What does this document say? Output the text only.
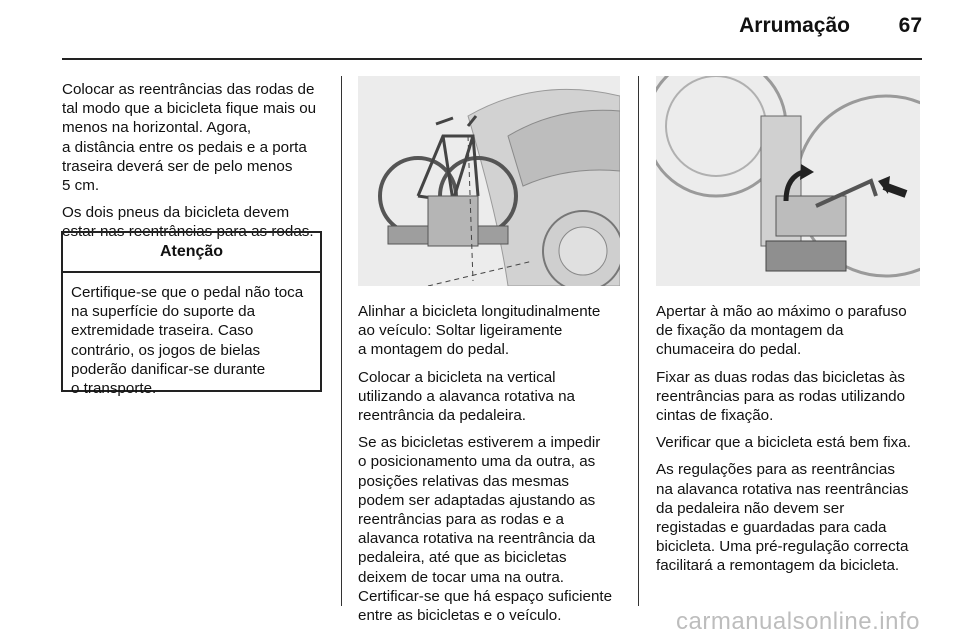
Arrumação 67

Colocar as reentrâncias das rodas de
tal modo que a bicicleta fique mais ou
menos na horizontal. Agora,
a distância entre os pedais e a porta
traseira deverá ser de pelo menos
5 cm.

Os dois pneus da bicicleta devem
estar nas reentrâncias para as rodas.

Atenção
Certifique-se que o pedal não toca
na superfície do suporte da
extremidade traseira. Caso
contrário, os jogos de bielas
poderão danificar-se durante
o transporte.

Alinhar a bicicleta longitudinalmente
ao veículo: Soltar ligeiramente
a montagem do pedal.

Colocar a bicicleta na vertical
utilizando a alavanca rotativa na
reentrância da pedaleira.

Se as bicicletas estiverem a impedir
o posicionamento uma da outra, as
posições relativas das mesmas
podem ser adaptadas ajustando as
reentrâncias para as rodas e a
alavanca rotativa na reentrância da
pedaleira, até que as bicicletas
deixem de tocar uma na outra.
Certificar-se que há espaço suficiente
entre as bicicletas e o veículo.

Apertar à mão ao máximo o parafuso
de fixação da montagem da
chumaceira do pedal.

Fixar as duas rodas das bicicletas às
reentrâncias para as rodas utilizando
cintas de fixação.

Verificar que a bicicleta está bem fixa.

As regulações para as reentrâncias
na alavanca rotativa nas reentrâncias
da pedaleira não devem ser
registadas e guardadas para cada
bicicleta. Uma pré-regulação correcta
facilitará a remontagem da bicicleta.

carmanualsonline.info
